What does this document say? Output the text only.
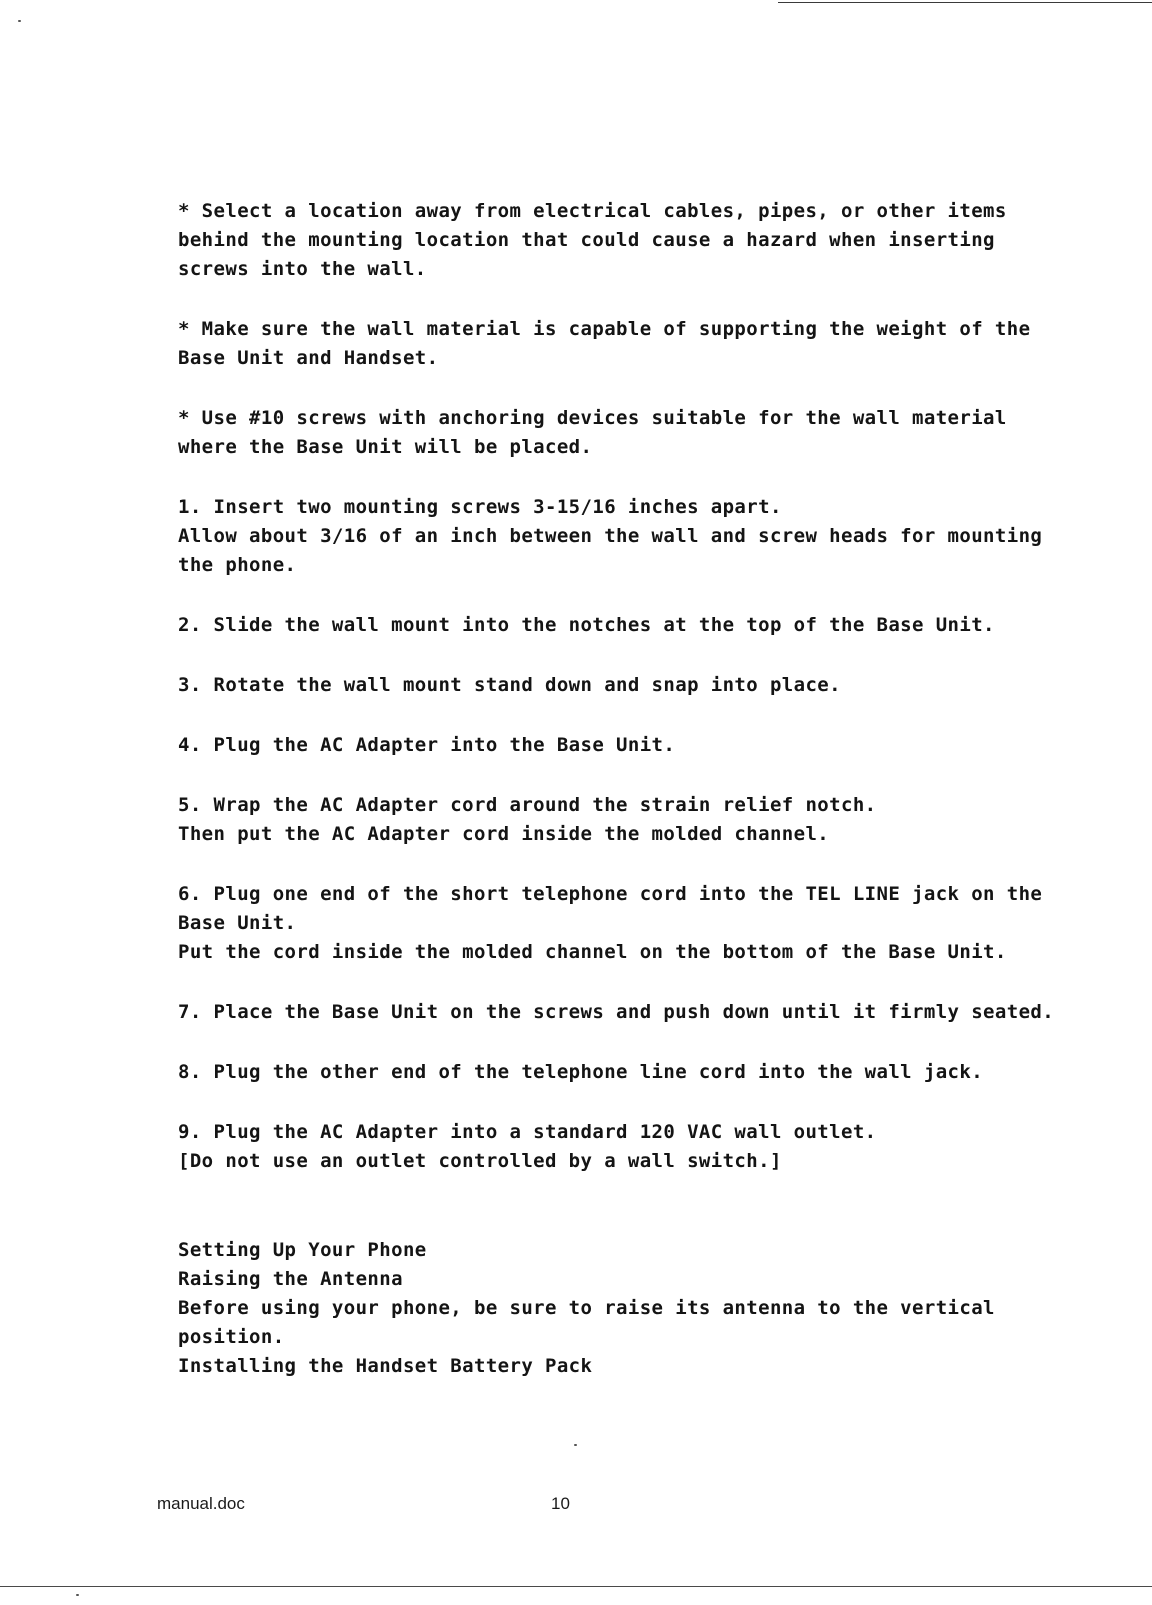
* Select a location away from electrical cables, pipes, or other items
behind the mounting location that could cause a hazard when inserting
screws into the wall.
* Make sure the wall material is capable of supporting the weight of the
Base Unit and Handset.
* Use #10 screws with anchoring devices suitable for the wall material
where the Base Unit will be placed.
1. Insert two mounting screws 3-15/16 inches apart.
Allow about 3/16 of an inch between the wall and screw heads for mounting
the phone.
2. Slide the wall mount into the notches at the top of the Base Unit.
3. Rotate the wall mount stand down and snap into place.
4. Plug the AC Adapter into the Base Unit.
5. Wrap the AC Adapter cord around the strain relief notch.
Then put the AC Adapter cord inside the molded channel.
6. Plug one end of the short telephone cord into the TEL LINE jack on the
Base Unit.
Put the cord inside the molded channel on the bottom of the Base Unit.
7. Place the Base Unit on the screws and push down until it firmly seated.
8. Plug the other end of the telephone line cord into the wall jack.
9. Plug the AC Adapter into a standard 120 VAC wall outlet.
[Do not use an outlet controlled by a wall switch.]
Setting Up Your Phone
Raising the Antenna
Before using your phone, be sure to raise its antenna to the vertical
position.
Installing the Handset Battery Pack
manual.doc	10
